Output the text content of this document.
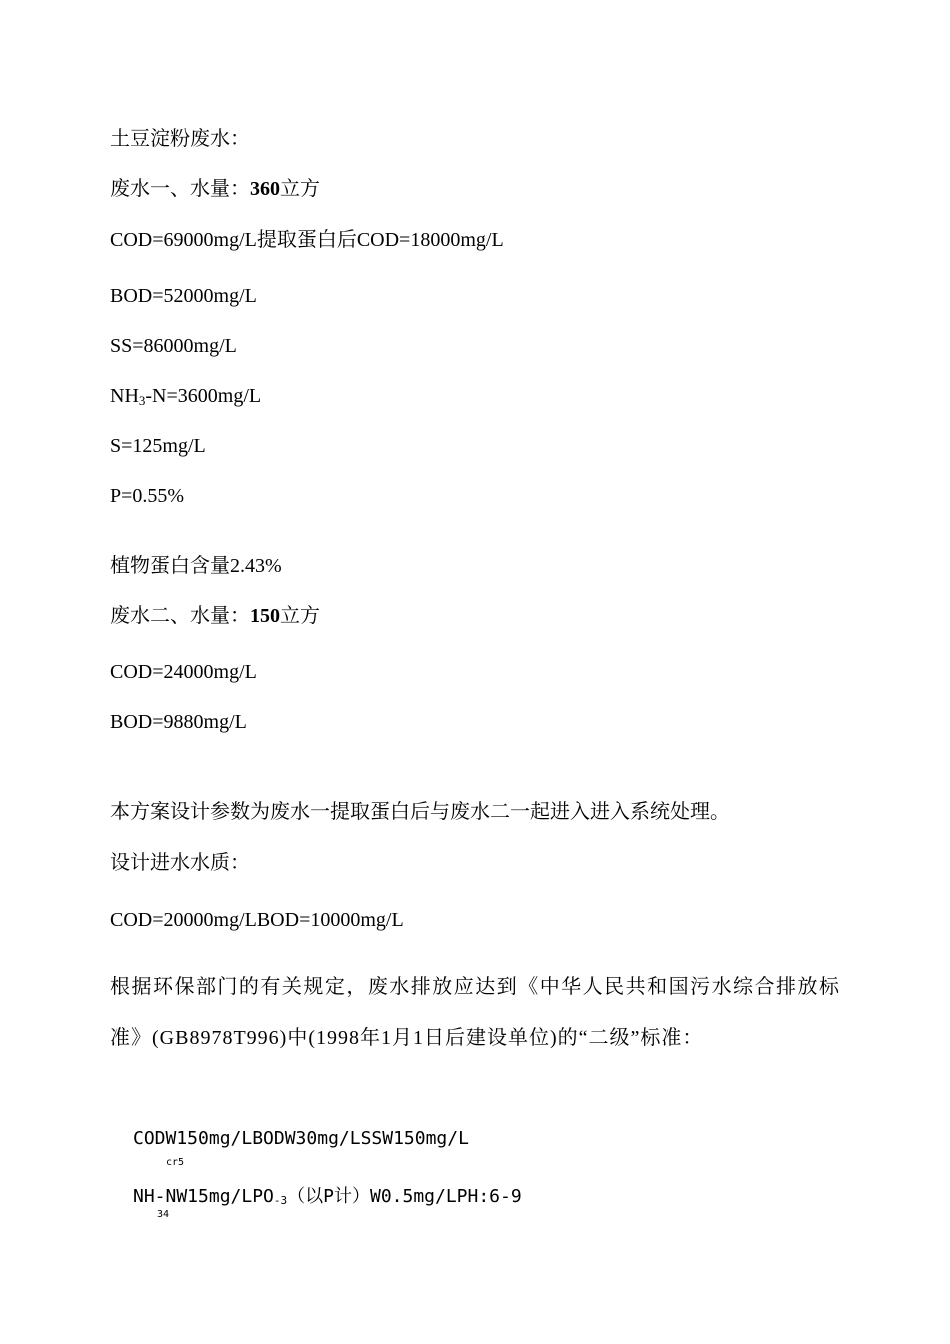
土豆淀粉废水：
废水一、水量：360立方
COD=69000mg/L提取蛋白后COD=18000mg/L
BOD=52000mg/L
SS=86000mg/L
$NH_3-N=3600mg/L$
S=125mg/L
P=0.55%
植物蛋白含量2.43%
废水二、水量：150立方
COD=24000mg/L
BOD=9880mg/L
本方案设计参数为废水一提取蛋白后与废水二一起进入进入系统处理。
设计进水水质：
COD=20000mg/LBOD=10000mg/L
根据环保部门的有关规定，废水排放应达到《中华人民共和国污水综合排放标准》(GB8978T996)中(1998年1月1日后建设单位)的“二级”标准：
CODW150mg/LBODW30mg/LSSW150mg/L
cr5
NH-NW15mg/LPO-3（以P计）W0.5mg/LPH:6-9
34
